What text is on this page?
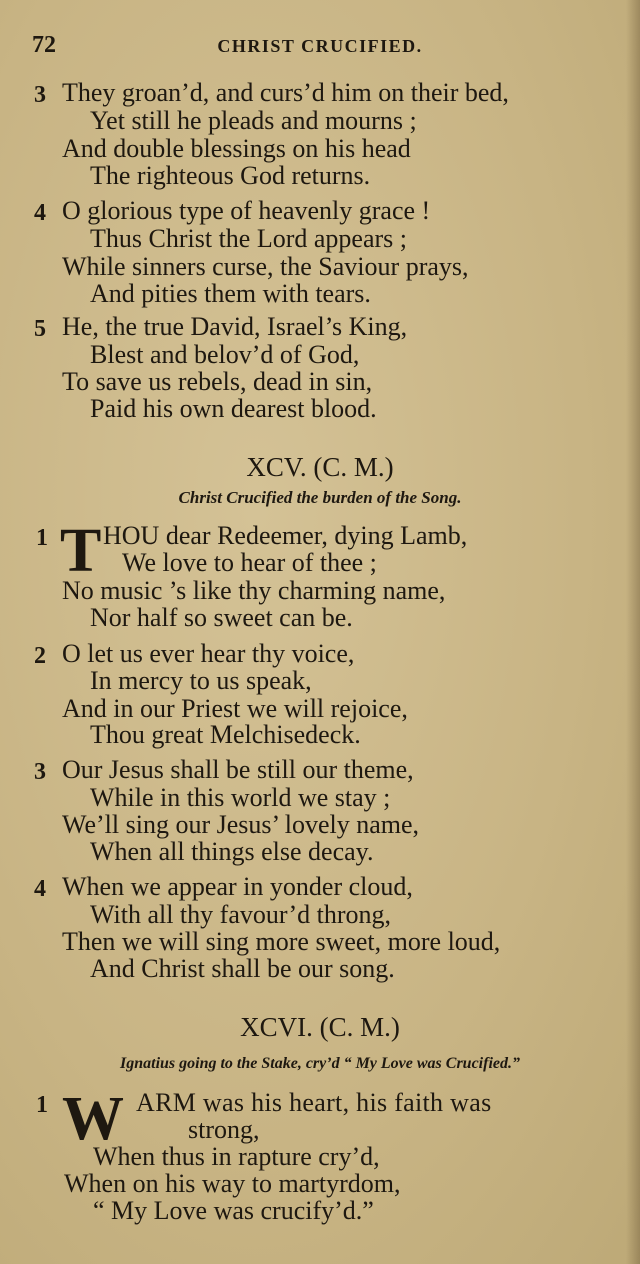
72	CHRIST CRUCIFIED.
3 They groan’d, and curs’d him on their bed,
Yet still he pleads and mourns ;
And double blessings on his head
The righteous God returns.
4 O glorious type of heavenly grace !
Thus Christ the Lord appears ;
While sinners curse, the Saviour prays,
And pities them with tears.
5 He, the true David, Israel’s King,
Blest and belov’d of God,
To save us rebels, dead in sin,
Paid his own dearest blood.
XCV. (C. M.)
Christ Crucified the burden of the Song.
1 T HOU dear Redeemer, dying Lamb,
We love to hear of thee ;
No music ’s like thy charming name,
Nor half so sweet can be.
2 O let us ever hear thy voice,
In mercy to us speak,
And in our Priest we will rejoice,
Thou great Melchisedeck.
3 Our Jesus shall be still our theme,
While in this world we stay ;
We’ll sing our Jesus’ lovely name,
When all things else decay.
4 When we appear in yonder cloud,
With all thy favour’d throng,
Then we will sing more sweet, more loud,
And Christ shall be our song.
XCVI. (C. M.)
Ignatius going to the Stake, cry’d “ My Love was Crucified.”
1 W ARM was his heart, his faith was
strong,
When thus in rapture cry’d,
When on his way to martyrdom,
“ My Love was crucify’d.”
